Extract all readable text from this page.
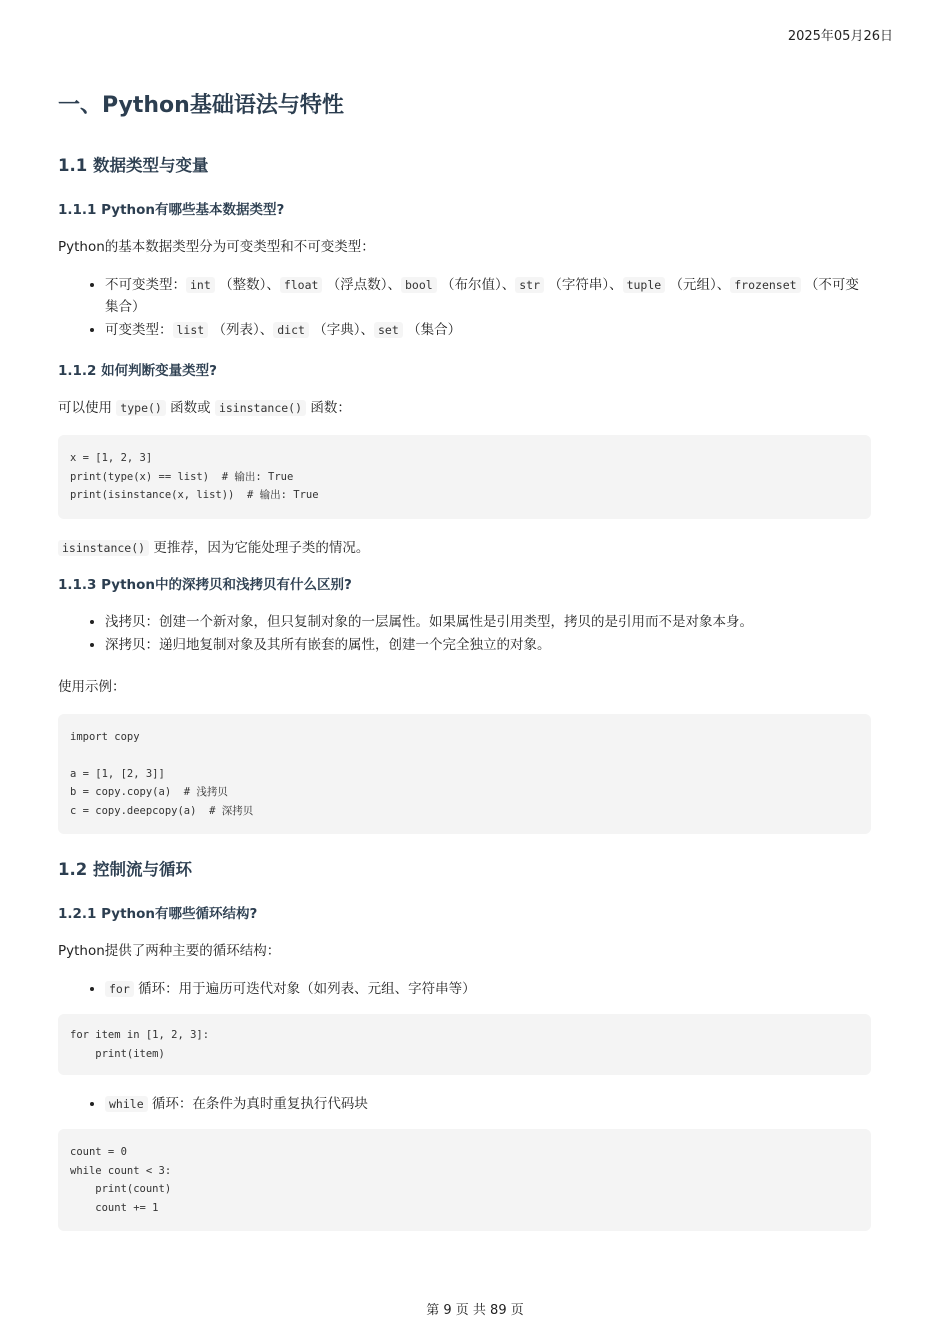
2025年05月26日
一、Python基础语法与特性
1.1 数据类型与变量
1.1.1 Python有哪些基本数据类型?

Python的基本数据类型分为可变类型和不可变类型：

• 不可变类型： int （整数）、 float （浮点数）、 bool （布尔值）、 str （字符串）、 tuple （元组）、 frozenset （不可变集合）
• 可变类型： list （列表）、 dict （字典）、 set （集合）
1.1.2 如何判断变量类型?

可以使用 type() 函数或 isinstance() 函数：

x = [1, 2, 3]
print(type(x) == list)  # 输出: True
print(isinstance(x, list))  # 输出: True

isinstance() 更推荐，因为它能处理子类的情况。

1.1.3 Python中的深拷贝和浅拷贝有什么区别?
• 浅拷贝：创建一个新对象，但只复制对象的一层属性。如果属性是引用类型，拷贝的是引用而不是对象本身。
• 深拷贝：递归地复制对象及其所有嵌套的属性，创建一个完全独立的对象。

使用示例：

import copy

a = [1, [2, 3]]
b = copy.copy(a)  # 浅拷贝
c = copy.deepcopy(a)  # 深拷贝
1.2 控制流与循环
1.2.1 Python有哪些循环结构?

Python提供了两种主要的循环结构：

• for 循环：用于遍历可迭代对象（如列表、元组、字符串等）
for item in [1, 2, 3]:
print(item)
• while 循环：在条件为真时重复执行代码块
count = 0
while count < 3:
print(count)
count += 1
第 9 页 共 89 页
